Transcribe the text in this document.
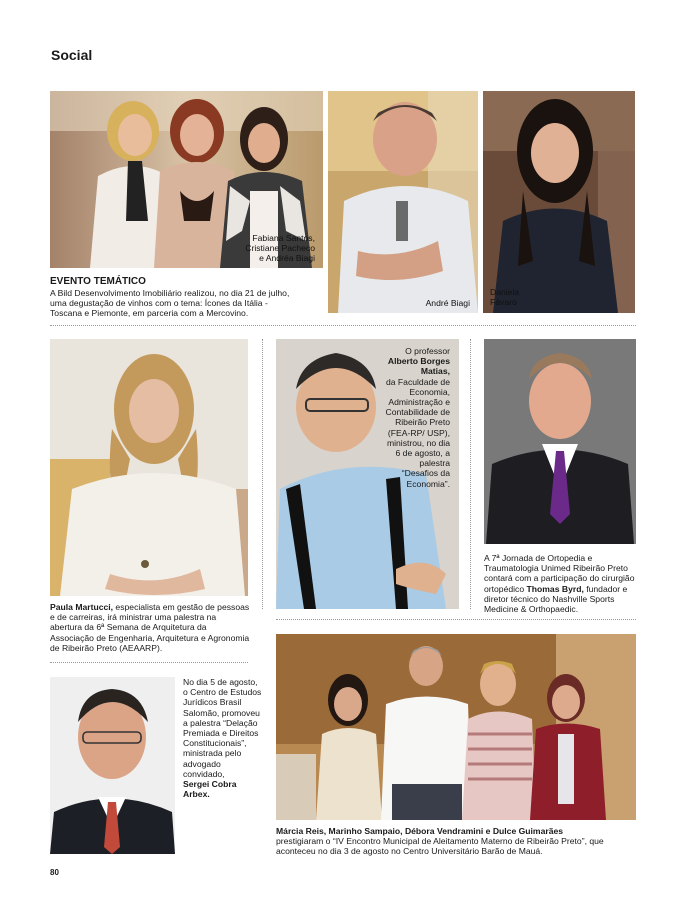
Social
Fabiana Santos,
Cristiane Pacheco
e Andréa Biagi
André Biagi
Daniela
Fávaro
EVENTO TEMÁTICO
A Bild Desenvolvimento Imobiliário realizou, no dia 21 de julho, uma degustação de vinhos com o tema: Ícones da Itália - Toscana e Piemonte, em parceria com a Mercovino.
Paula Martucci, especialista em gestão de pessoas e de carreiras, irá ministrar uma palestra na abertura da 6ª Semana de Arquitetura da Associação de Engenharia, Arquitetura e Agronomia de Ribeirão Preto (AEAARP).
O professor
Alberto Borges Matias,
da Faculdade de Economia, Administração e Contabilidade de Ribeirão Preto (FEA-RP/ USP), ministrou, no dia 6 de agosto, a palestra “Desafios da Economia”.
A 7ª Jornada de Ortopedia e Traumatologia Unimed Ribeirão Preto contará com a participação do cirurgião ortopédico Thomas Byrd, fundador e diretor técnico do Nashville Sports Medicine & Orthopaedic.
No dia 5 de agosto, o Centro de Estudos Jurídicos Brasil Salomão, promoveu a palestra “Delação Premiada e Direitos Constitucionais”, ministrada pelo advogado convidado,
Sergei Cobra Arbex.
Márcia Reis, Marinho Sampaio, Débora Vendramini e Dulce Guimarães
prestigiaram o “IV Encontro Municipal de Aleitamento Materno de Ribeirão Preto”, que aconteceu no dia 3 de agosto no Centro Universitário Barão de Mauá.
80
